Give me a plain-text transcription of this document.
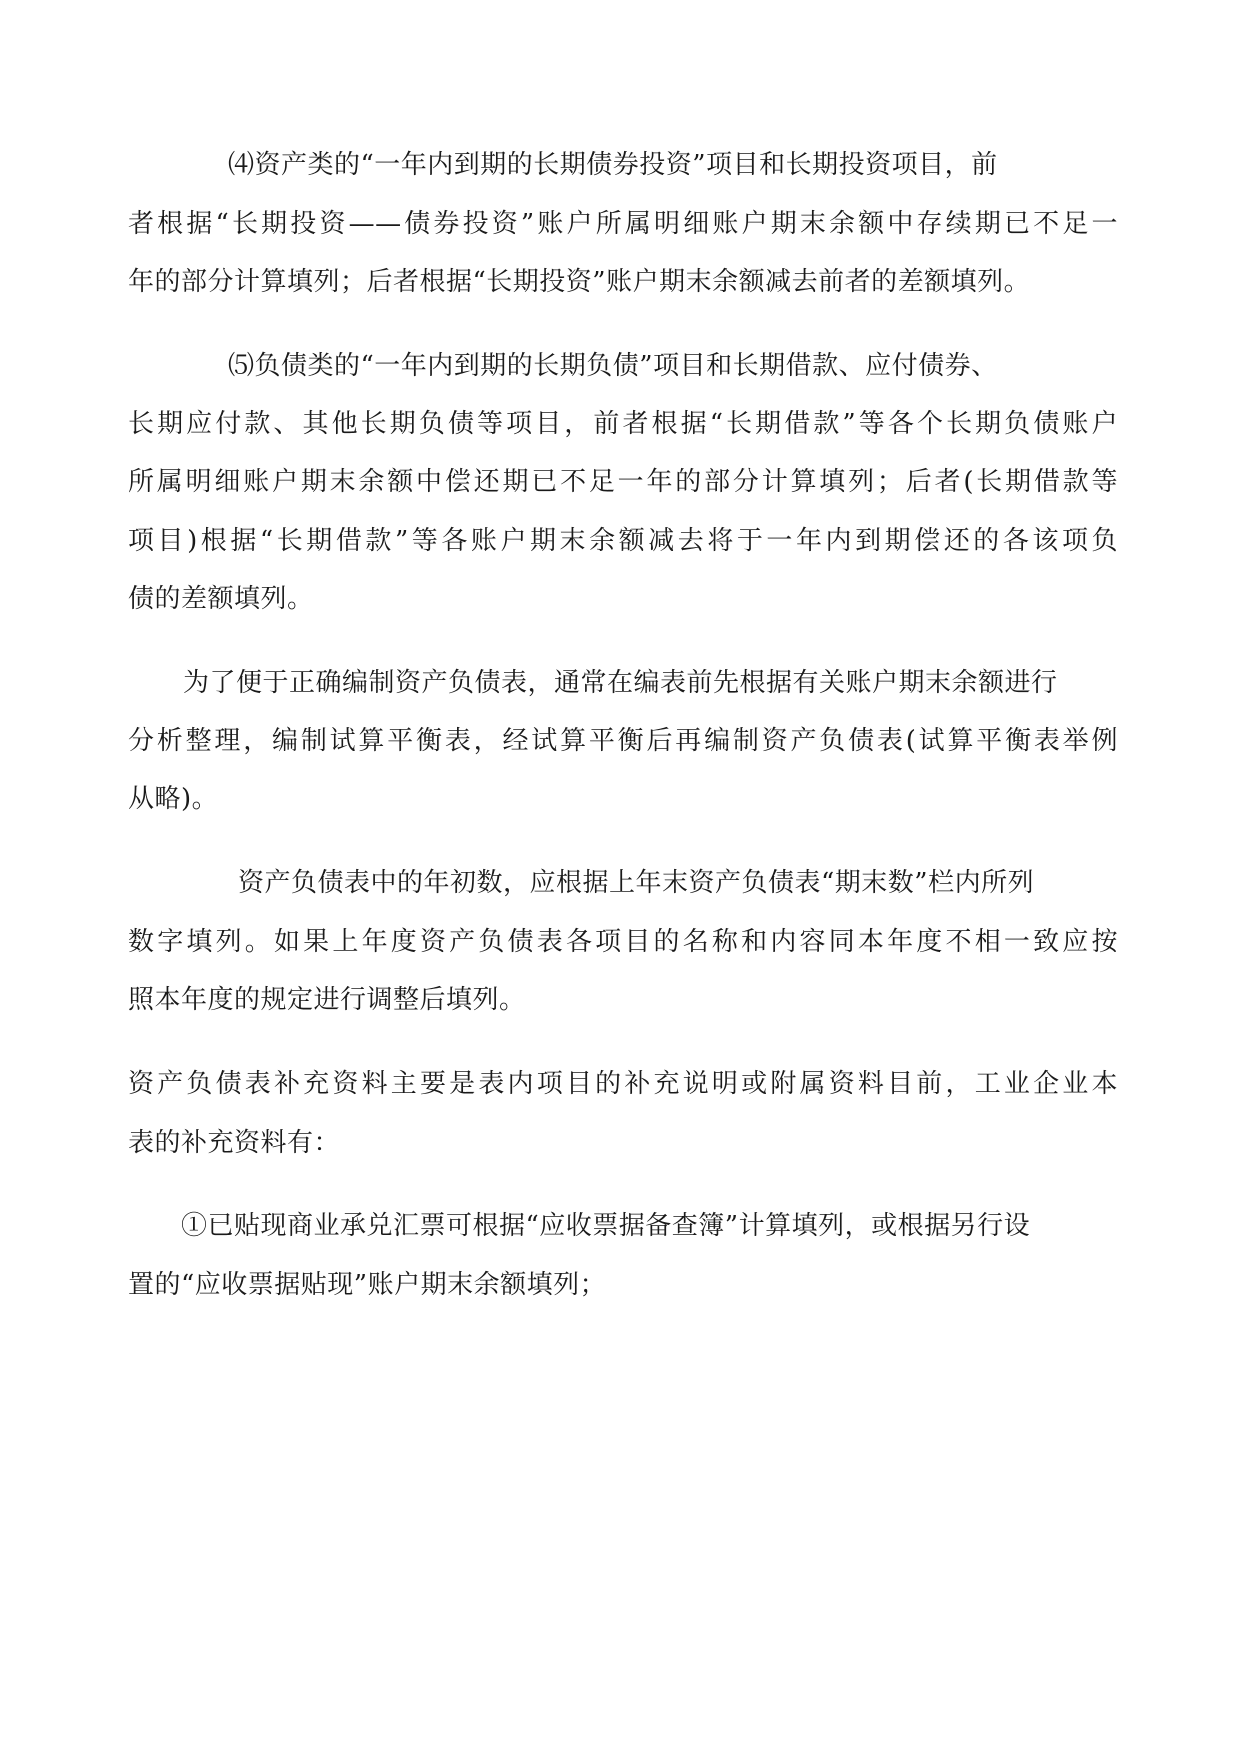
⑷资产类的“一年内到期的长期债券投资”项目和长期投资项目，前
者根据“长期投资——债券投资”账户所属明细账户期末余额中存续期已不足一
年的部分计算填列；后者根据“长期投资”账户期末余额减去前者的差额填列。
⑸负债类的“一年内到期的长期负债”项目和长期借款、应付债券、
长期应付款、其他长期负债等项目，前者根据“长期借款”等各个长期负债账户
所属明细账户期末余额中偿还期已不足一年的部分计算填列；后者(长期借款等
项目)根据“长期借款”等各账户期末余额减去将于一年内到期偿还的各该项负
债的差额填列。
为了便于正确编制资产负债表，通常在编表前先根据有关账户期末余额进行
分析整理，编制试算平衡表，经试算平衡后再编制资产负债表(试算平衡表举例
从略)。
资产负债表中的年初数，应根据上年末资产负债表“期末数”栏内所列
数字填列。如果上年度资产负债表各项目的名称和内容同本年度不相一致应按
照本年度的规定进行调整后填列。
资产负债表补充资料主要是表内项目的补充说明或附属资料目前，工业企业本
表的补充资料有：
①已贴现商业承兑汇票可根据“应收票据备查簿”计算填列，或根据另行设
置的“应收票据贴现”账户期末余额填列；
